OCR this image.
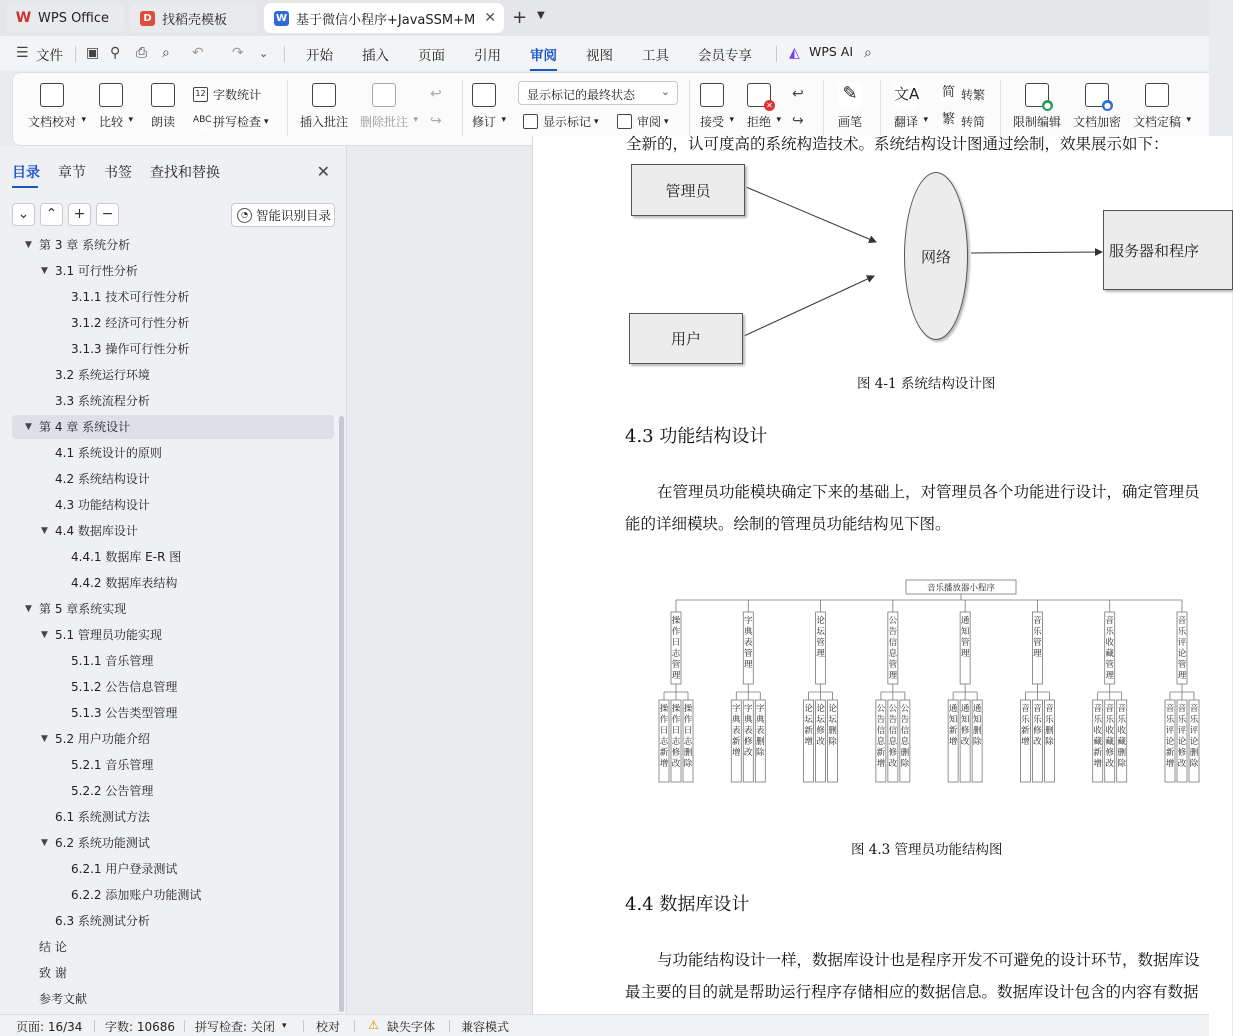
W WPS Office	D 找稻壳模板	W 基于微信小程序+JavaSSM+M ✕ + ▼
☰ 文件 ▣ ⚲ ⎙ ⌕ ↶ ↷ ⌄	开始 插入 页面 引用 审阅 视图 工具 会员专享	◭ WPS AI ⌕
文档校对 ▾ 比较 ▾ 朗读
12 字数统计
ABC 拼写检查 ▾	插入批注 删除批注 ▾
↩
↪	修订 ▾
显示标记的最终状态 ⌄
显示标记 ▾	审阅 ▾	接受 ▾
✕
拒绝 ▾
↩
↪
✎
画笔
文A
翻译 ▾
简 转繁
繁 转简
●
限制编辑
●
文档加密 文档定稿 ▾
目录 章节 书签 查找和替换	✕
⌄	⌃	+	−	◔ 智能识别目录
▼ 第 3 章 系统分析
▼ 3.1 可行性分析
3.1.1 技术可行性分析
3.1.2 经济可行性分析
3.1.3 操作可行性分析
3.2 系统运行环境
3.3 系统流程分析
▼ 第 4 章 系统设计
4.1 系统设计的原则
4.2 系统结构设计
4.3 功能结构设计
▼ 4.4 数据库设计
4.4.1 数据库 E-R 图
4.4.2 数据库表结构
▼ 第 5 章系统实现
▼ 5.1 管理员功能实现
5.1.1 音乐管理
5.1.2 公告信息管理
5.1.3 公告类型管理
▼ 5.2 用户功能介绍
5.2.1 音乐管理
5.2.2 公告管理
6.1 系统测试方法
▼ 6.2 系统功能测试
6.2.1 用户登录测试
6.2.2 添加账户功能测试
6.3 系统测试分析
结 论
致 谢
参考文献
全新的，认可度高的系统构造技术。系统结构设计图通过绘制，效果展示如下：
管理员
用户
网络	服务器和程序
图 4-1 系统结构设计图
4.3 功能结构设计
在管理员功能模块确定下来的基础上，对管理员各个功能进行设计，确定管理员
能的详细模块。绘制的管理员功能结构见下图。
音乐播放器小程序
操作日志管理
操作日志新增
操作日志修改
操作日志删除
字典表管理
字典表新增
字典表修改
字典表删除
论坛管理
论坛新增
论坛修改
论坛删除
公告信息管理
公告信息新增
公告信息修改
公告信息删除
通知管理
通知新增
通知修改
通知删除
音乐管理
音乐新增
音乐修改
音乐删除
音乐收藏管理
音乐收藏新增
音乐收藏修改
音乐收藏删除
音乐评论管理
音乐评论新增
音乐评论修改
音乐评论删除
图 4.3 管理员功能结构图
4.4 数据库设计
与功能结构设计一样，数据库设计也是程序开发不可避免的设计环节，数据库设
最主要的目的就是帮助运行程序存储相应的数据信息。数据库设计包含的内容有数据
页面: 16/34 字数: 10686 拼写检查: 关闭 ▾ 校对 ⚠ 缺失字体 兼容模式
